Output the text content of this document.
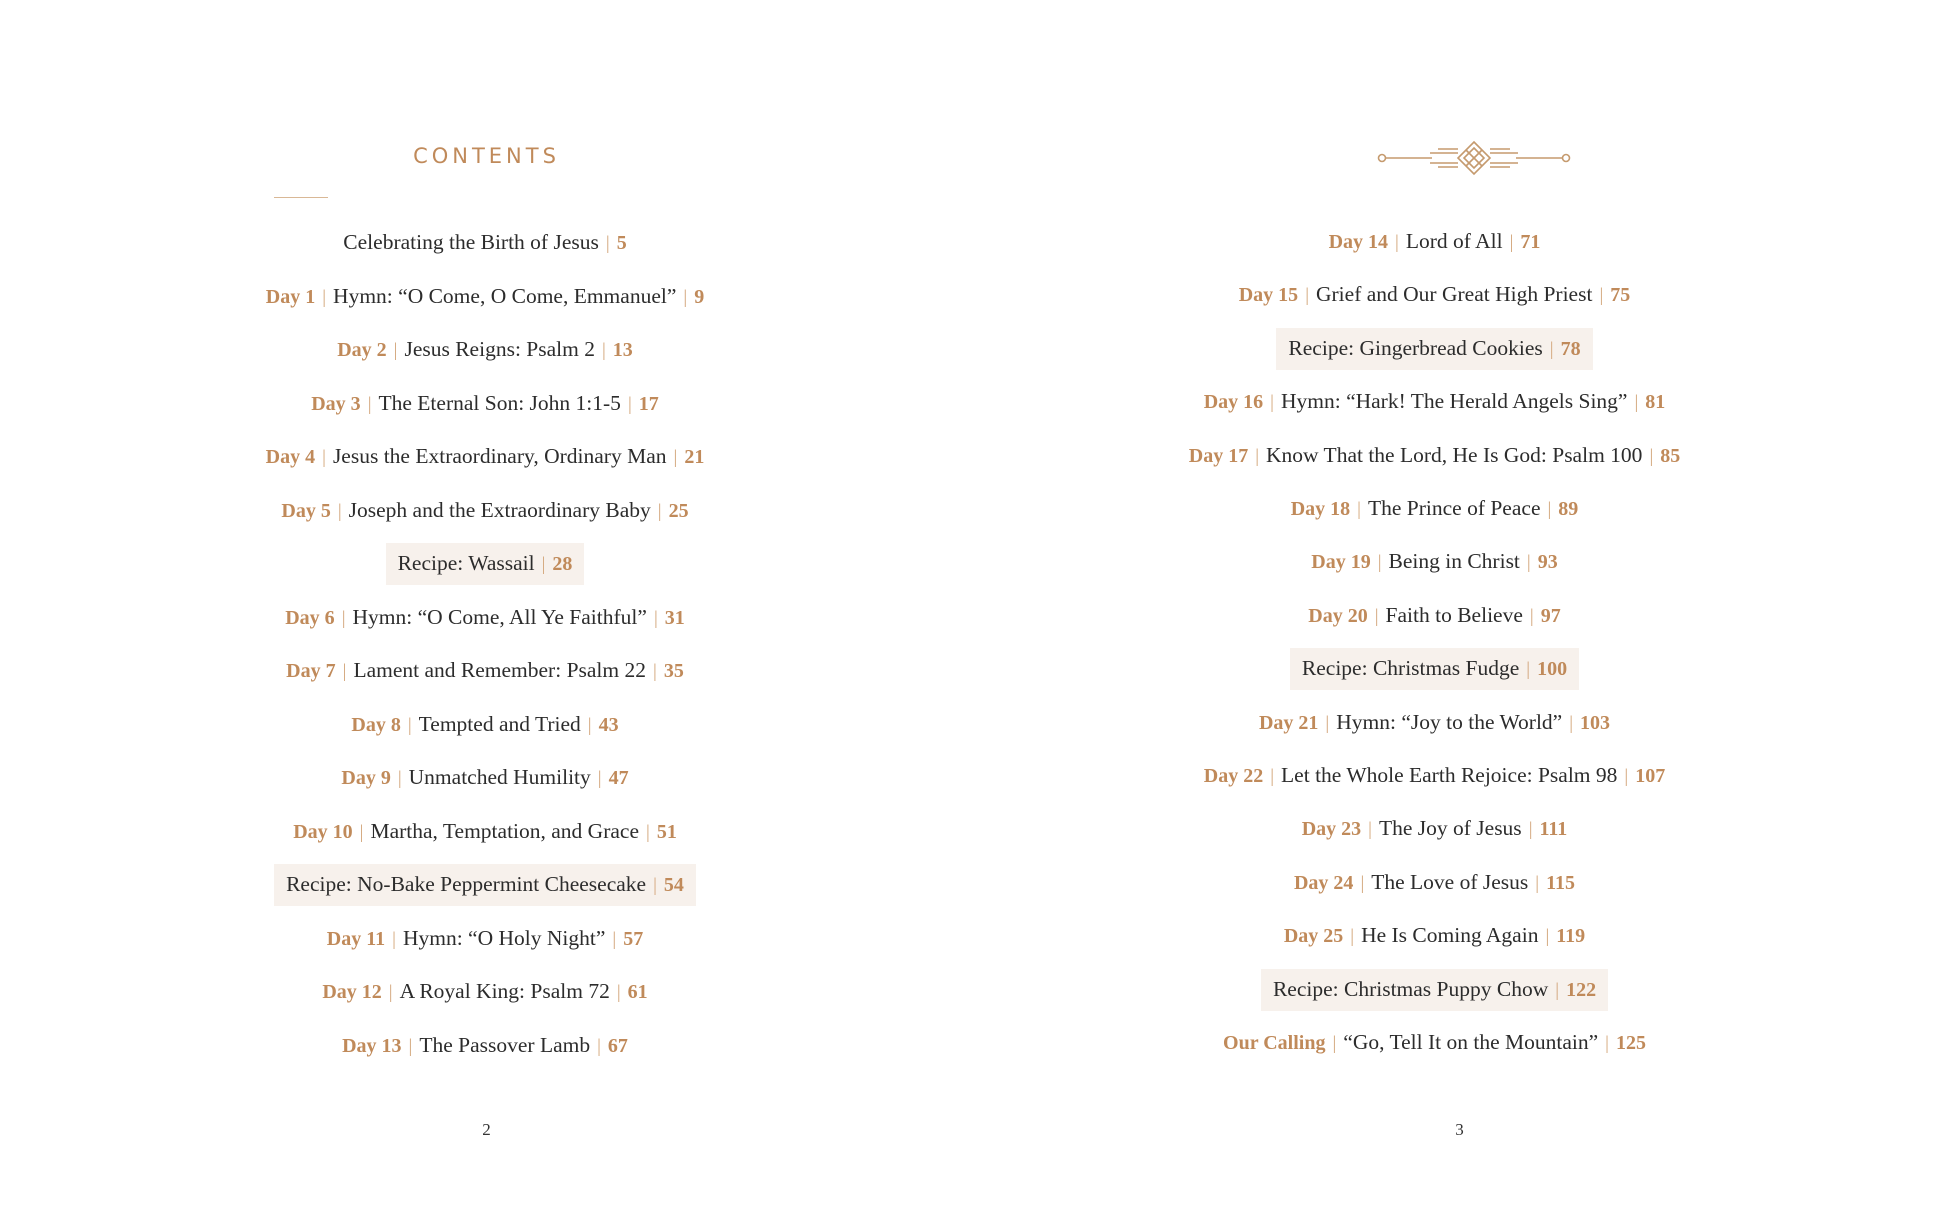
CONTENTS
Celebrating the Birth of Jesus | 5
Day 1 | Hymn: “O Come, O Come, Emmanuel” | 9
Day 2 | Jesus Reigns: Psalm 2 | 13
Day 3 | The Eternal Son: John 1:1-5 | 17
Day 4 | Jesus the Extraordinary, Ordinary Man | 21
Day 5 | Joseph and the Extraordinary Baby | 25
Recipe: Wassail | 28
Day 6 | Hymn: “O Come, All Ye Faithful” | 31
Day 7 | Lament and Remember: Psalm 22 | 35
Day 8 | Tempted and Tried | 43
Day 9 | Unmatched Humility | 47
Day 10 | Martha, Temptation, and Grace | 51
Recipe: No-Bake Peppermint Cheesecake | 54
Day 11 | Hymn: “O Holy Night” | 57
Day 12 | A Royal King: Psalm 72 | 61
Day 13 | The Passover Lamb | 67
2
Day 14 | Lord of All | 71
Day 15 | Grief and Our Great High Priest | 75
Recipe: Gingerbread Cookies | 78
Day 16 | Hymn: “Hark! The Herald Angels Sing” | 81
Day 17 | Know That the Lord, He Is God: Psalm 100 | 85
Day 18 | The Prince of Peace | 89
Day 19 | Being in Christ | 93
Day 20 | Faith to Believe | 97
Recipe: Christmas Fudge | 100
Day 21 | Hymn: “Joy to the World” | 103
Day 22 | Let the Whole Earth Rejoice: Psalm 98 | 107
Day 23 | The Joy of Jesus | 111
Day 24 | The Love of Jesus | 115
Day 25 | He Is Coming Again | 119
Recipe: Christmas Puppy Chow | 122
Our Calling | “Go, Tell It on the Mountain” | 125
3
